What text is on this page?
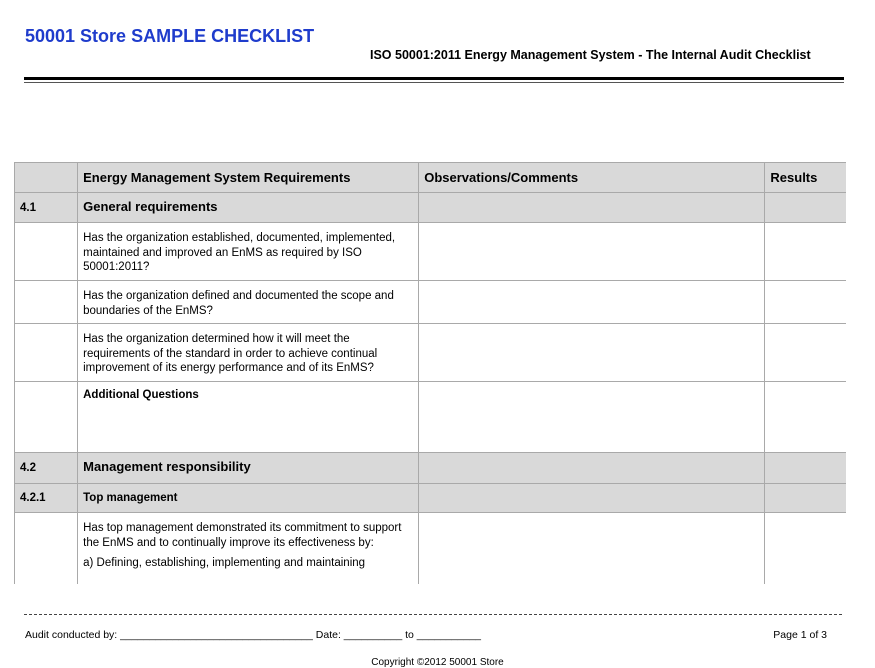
50001 Store SAMPLE CHECKLIST
ISO 50001:2011 Energy Management System - The Internal Audit Checklist
	Energy Management System Requirements	Observations/Comments	Results
4.1	General requirements		
	Has the organization established, documented, implemented, maintained and improved an EnMS as required by ISO 50001:2011?		
	Has the organization defined and documented the scope and boundaries of the EnMS?		
	Has the organization determined how it will meet the requirements of the standard in order to achieve continual improvement of its energy performance and of its EnMS?		
	Additional Questions		
4.2	Management responsibility		
4.2.1	Top management		

	Has top management demonstrated its commitment to support the EnMS and to continually improve its effectiveness by:
a) Defining, establishing, implementing and maintaining		

Audit conducted by: _________________________________ Date: __________ to ___________	Page 1 of 3
Copyright ©2012 50001 Store
